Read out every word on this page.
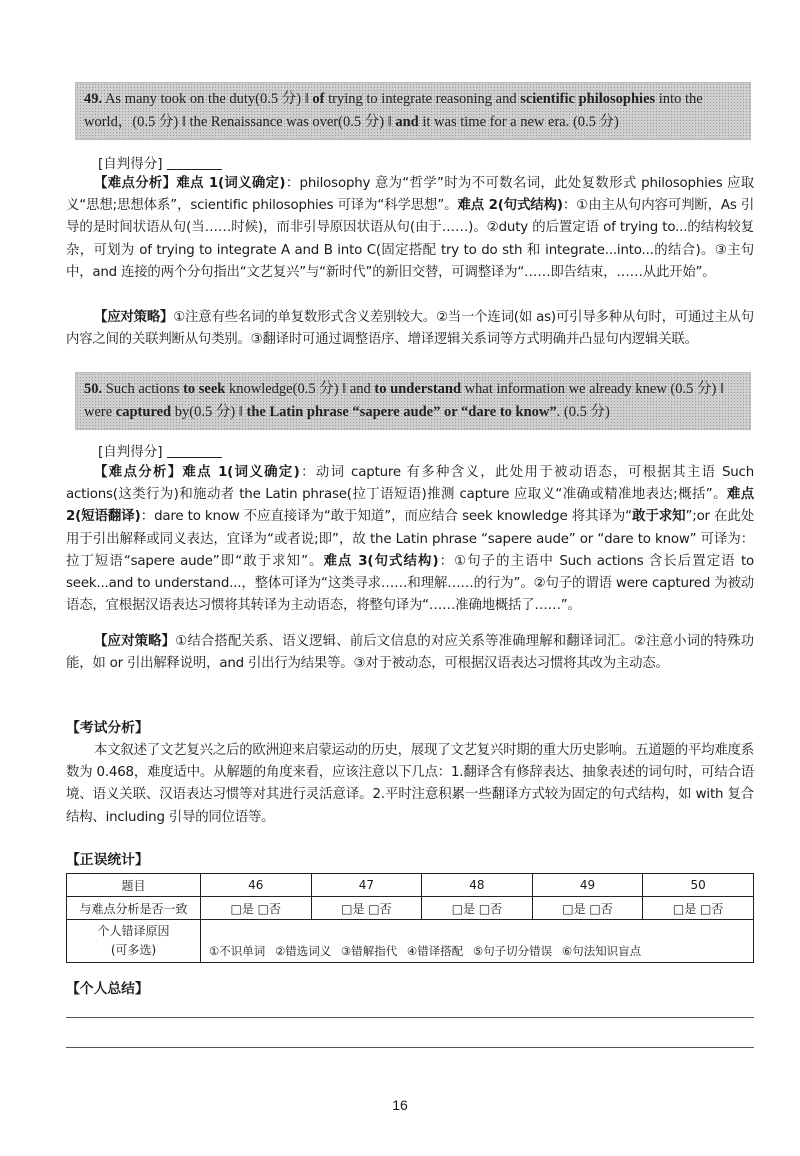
49. As many took on the duty(0.5 分) ‖ of trying to integrate reasoning and scientific philosophies into the world，(0.5 分) ‖ the Renaissance was over(0.5 分) ‖ and it was time for a new era. (0.5 分)
[自判得分]
【难点分析】难点 1(词义确定)：philosophy 意为“哲学”时为不可数名词，此处复数形式 philosophies 应取义“思想;思想体系”，scientific philosophies 可译为“科学思想”。难点 2(句式结构)：①由主从句内容可判断，As 引导的是时间状语从句(当……时候)，而非引导原因状语从句(由于……)。②duty 的后置定语 of trying to...的结构较复杂，可划为 of trying to integrate A and B into C(固定搭配 try to do sth 和 integrate...into...的结合)。③主句中，and 连接的两个分句指出“文艺复兴”与“新时代”的新旧交替，可调整译为“……即告结束，……从此开始”。
【应对策略】①注意有些名词的单复数形式含义差别较大。②当一个连词(如 as)可引导多种从句时，可通过主从句内容之间的关联判断从句类别。③翻译时可通过调整语序、增译逻辑关系词等方式明确并凸显句内逻辑关联。
50. Such actions to seek knowledge(0.5 分) ‖ and to understand what information we already knew (0.5 分) ‖ were captured by(0.5 分) ‖ the Latin phrase “sapere aude” or “dare to know”. (0.5 分)
[自判得分]
【难点分析】难点 1(词义确定)：动词 capture 有多种含义，此处用于被动语态，可根据其主语 Such actions(这类行为)和施动者 the Latin phrase(拉丁语短语)推测 capture 应取义“准确或精准地表达;概括”。难点 2(短语翻译)：dare to know 不应直接译为“敢于知道”，而应结合 seek knowledge 将其译为“敢于求知”;or 在此处用于引出解释或同义表达，宜译为“或者说;即”，故 the Latin phrase “sapere aude” or “dare to know” 可译为：拉丁短语“sapere aude”即“敢于求知”。难点 3(句式结构)：①句子的主语中 Such actions 含长后置定语 to seek...and to understand...，整体可译为“这类寻求……和理解……的行为”。②句子的谓语 were captured 为被动语态，宜根据汉语表达习惯将其转译为主动语态，将整句译为“……准确地概括了……”。
【应对策略】①结合搭配关系、语义逻辑、前后文信息的对应关系等准确理解和翻译词汇。②注意小词的特殊功能，如 or 引出解释说明，and 引出行为结果等。③对于被动态，可根据汉语表达习惯将其改为主动态。
【考试分析】
本文叙述了文艺复兴之后的欧洲迎来启蒙运动的历史，展现了文艺复兴时期的重大历史影响。五道题的平均难度系数为 0.468，难度适中。从解题的角度来看，应该注意以下几点：1.翻译含有修辞表达、抽象表述的词句时，可结合语境、语义关联、汉语表达习惯等对其进行灵活意译。2.平时注意积累一些翻译方式较为固定的句式结构，如 with 复合结构、including 引导的同位语等。
【正误统计】
题目	46	47	48	49	50
与难点分析是否一致	□是 □否	□是 □否	□是 □否	□是 □否	□是 □否
个人错译原因
(可多选)	①不识单词 ②错选词义 ③错解指代 ④错译搭配 ⑤句子切分错误 ⑥句法知识盲点				
【个人总结】
16
